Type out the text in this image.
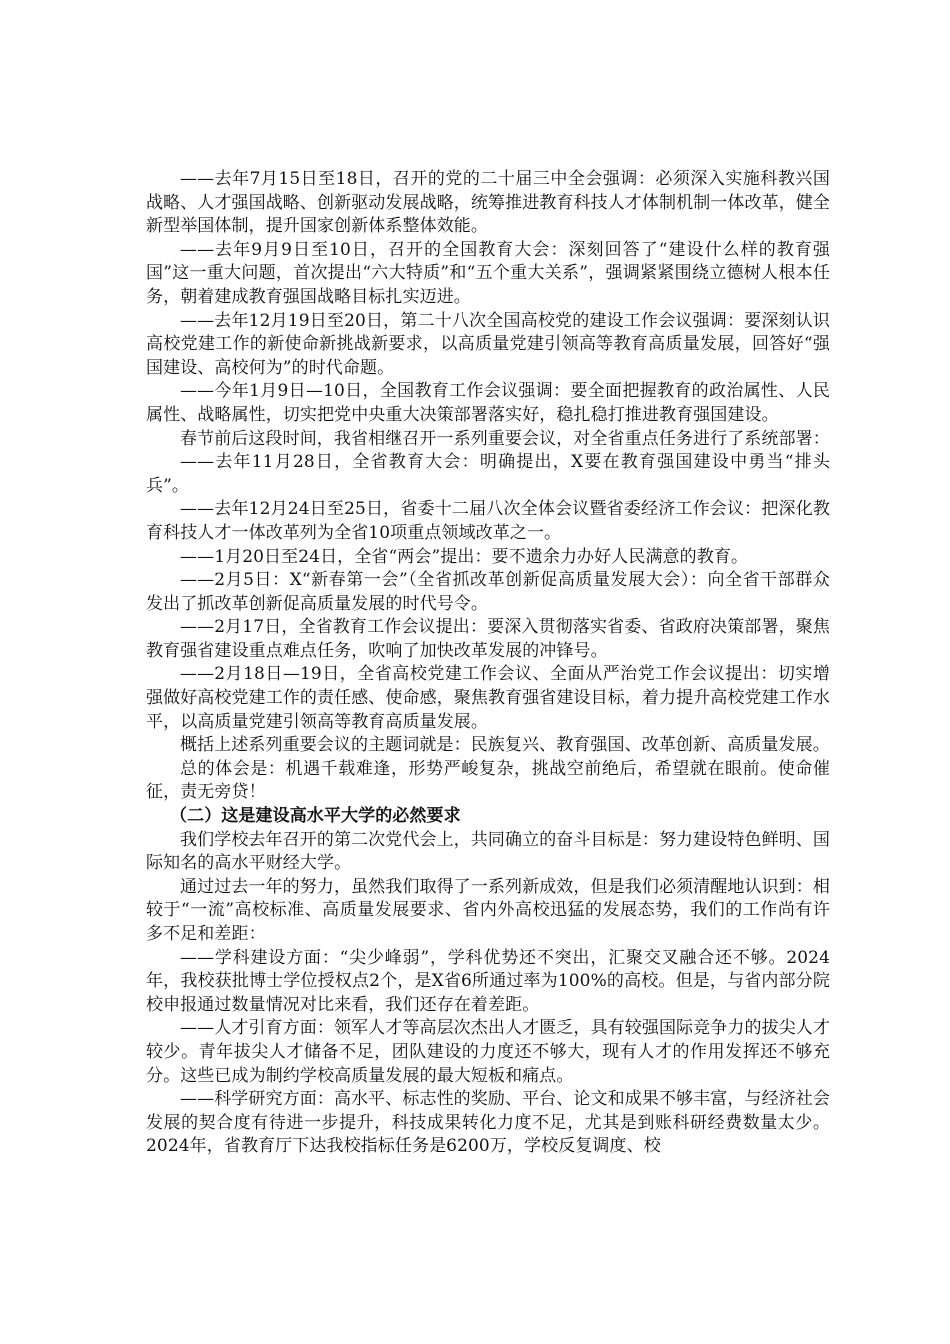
——去年7月15日至18日，召开的党的二十届三中全会强调：必须深入实施科教兴国战略、人才强国战略、创新驱动发展战略，统筹推进教育科技人才体制机制一体改革，健全新型举国体制，提升国家创新体系整体效能。

——去年9月9日至10日，召开的全国教育大会：深刻回答了“建设什么样的教育强国”这一重大问题，首次提出“六大特质”和“五个重大关系”，强调紧紧围绕立德树人根本任务，朝着建成教育强国战略目标扎实迈进。

——去年12月19日至20日，第二十八次全国高校党的建设工作会议强调：要深刻认识高校党建工作的新使命新挑战新要求，以高质量党建引领高等教育高质量发展，回答好“强国建设、高校何为”的时代命题。

——今年1月9日—10日，全国教育工作会议强调：要全面把握教育的政治属性、人民属性、战略属性，切实把党中央重大决策部署落实好，稳扎稳打推进教育强国建设。

春节前后这段时间，我省相继召开一系列重要会议，对全省重点任务进行了系统部署：

——去年11月28日，全省教育大会：明确提出，X要在教育强国建设中勇当“排头兵”。

——去年12月24日至25日，省委十二届八次全体会议暨省委经济工作会议：把深化教育科技人才一体改革列为全省10项重点领域改革之一。

——1月20日至24日，全省“两会”提出：要不遗余力办好人民满意的教育。

——2月5日：X“新春第一会”（全省抓改革创新促高质量发展大会）：向全省干部群众发出了抓改革创新促高质量发展的时代号令。

——2月17日，全省教育工作会议提出：要深入贯彻落实省委、省政府决策部署，聚焦教育强省建设重点难点任务，吹响了加快改革发展的冲锋号。

——2月18日—19日，全省高校党建工作会议、全面从严治党工作会议提出：切实增强做好高校党建工作的责任感、使命感，聚焦教育强省建设目标，着力提升高校党建工作水平，以高质量党建引领高等教育高质量发展。

概括上述系列重要会议的主题词就是：民族复兴、教育强国、改革创新、高质量发展。

总的体会是：机遇千载难逢，形势严峻复杂，挑战空前绝后，希望就在眼前。使命催征，责无旁贷！

（二）这是建设高水平大学的必然要求

我们学校去年召开的第二次党代会上，共同确立的奋斗目标是：努力建设特色鲜明、国际知名的高水平财经大学。

通过过去一年的努力，虽然我们取得了一系列新成效，但是我们必须清醒地认识到：相较于“一流”高校标准、高质量发展要求、省内外高校迅猛的发展态势，我们的工作尚有许多不足和差距：

——学科建设方面：“尖少峰弱”，学科优势还不突出，汇聚交叉融合还不够。2024年，我校获批博士学位授权点2个，是X省6所通过率为100%的高校。但是，与省内部分院校申报通过数量情况对比来看，我们还存在着差距。

——人才引育方面：领军人才等高层次杰出人才匮乏，具有较强国际竞争力的拔尖人才较少。青年拔尖人才储备不足，团队建设的力度还不够大，现有人才的作用发挥还不够充分。这些已成为制约学校高质量发展的最大短板和痛点。

——科学研究方面：高水平、标志性的奖励、平台、论文和成果不够丰富，与经济社会发展的契合度有待进一步提升，科技成果转化力度不足，尤其是到账科研经费数量太少。2024年，省教育厅下达我校指标任务是6200万，学校反复调度、校
